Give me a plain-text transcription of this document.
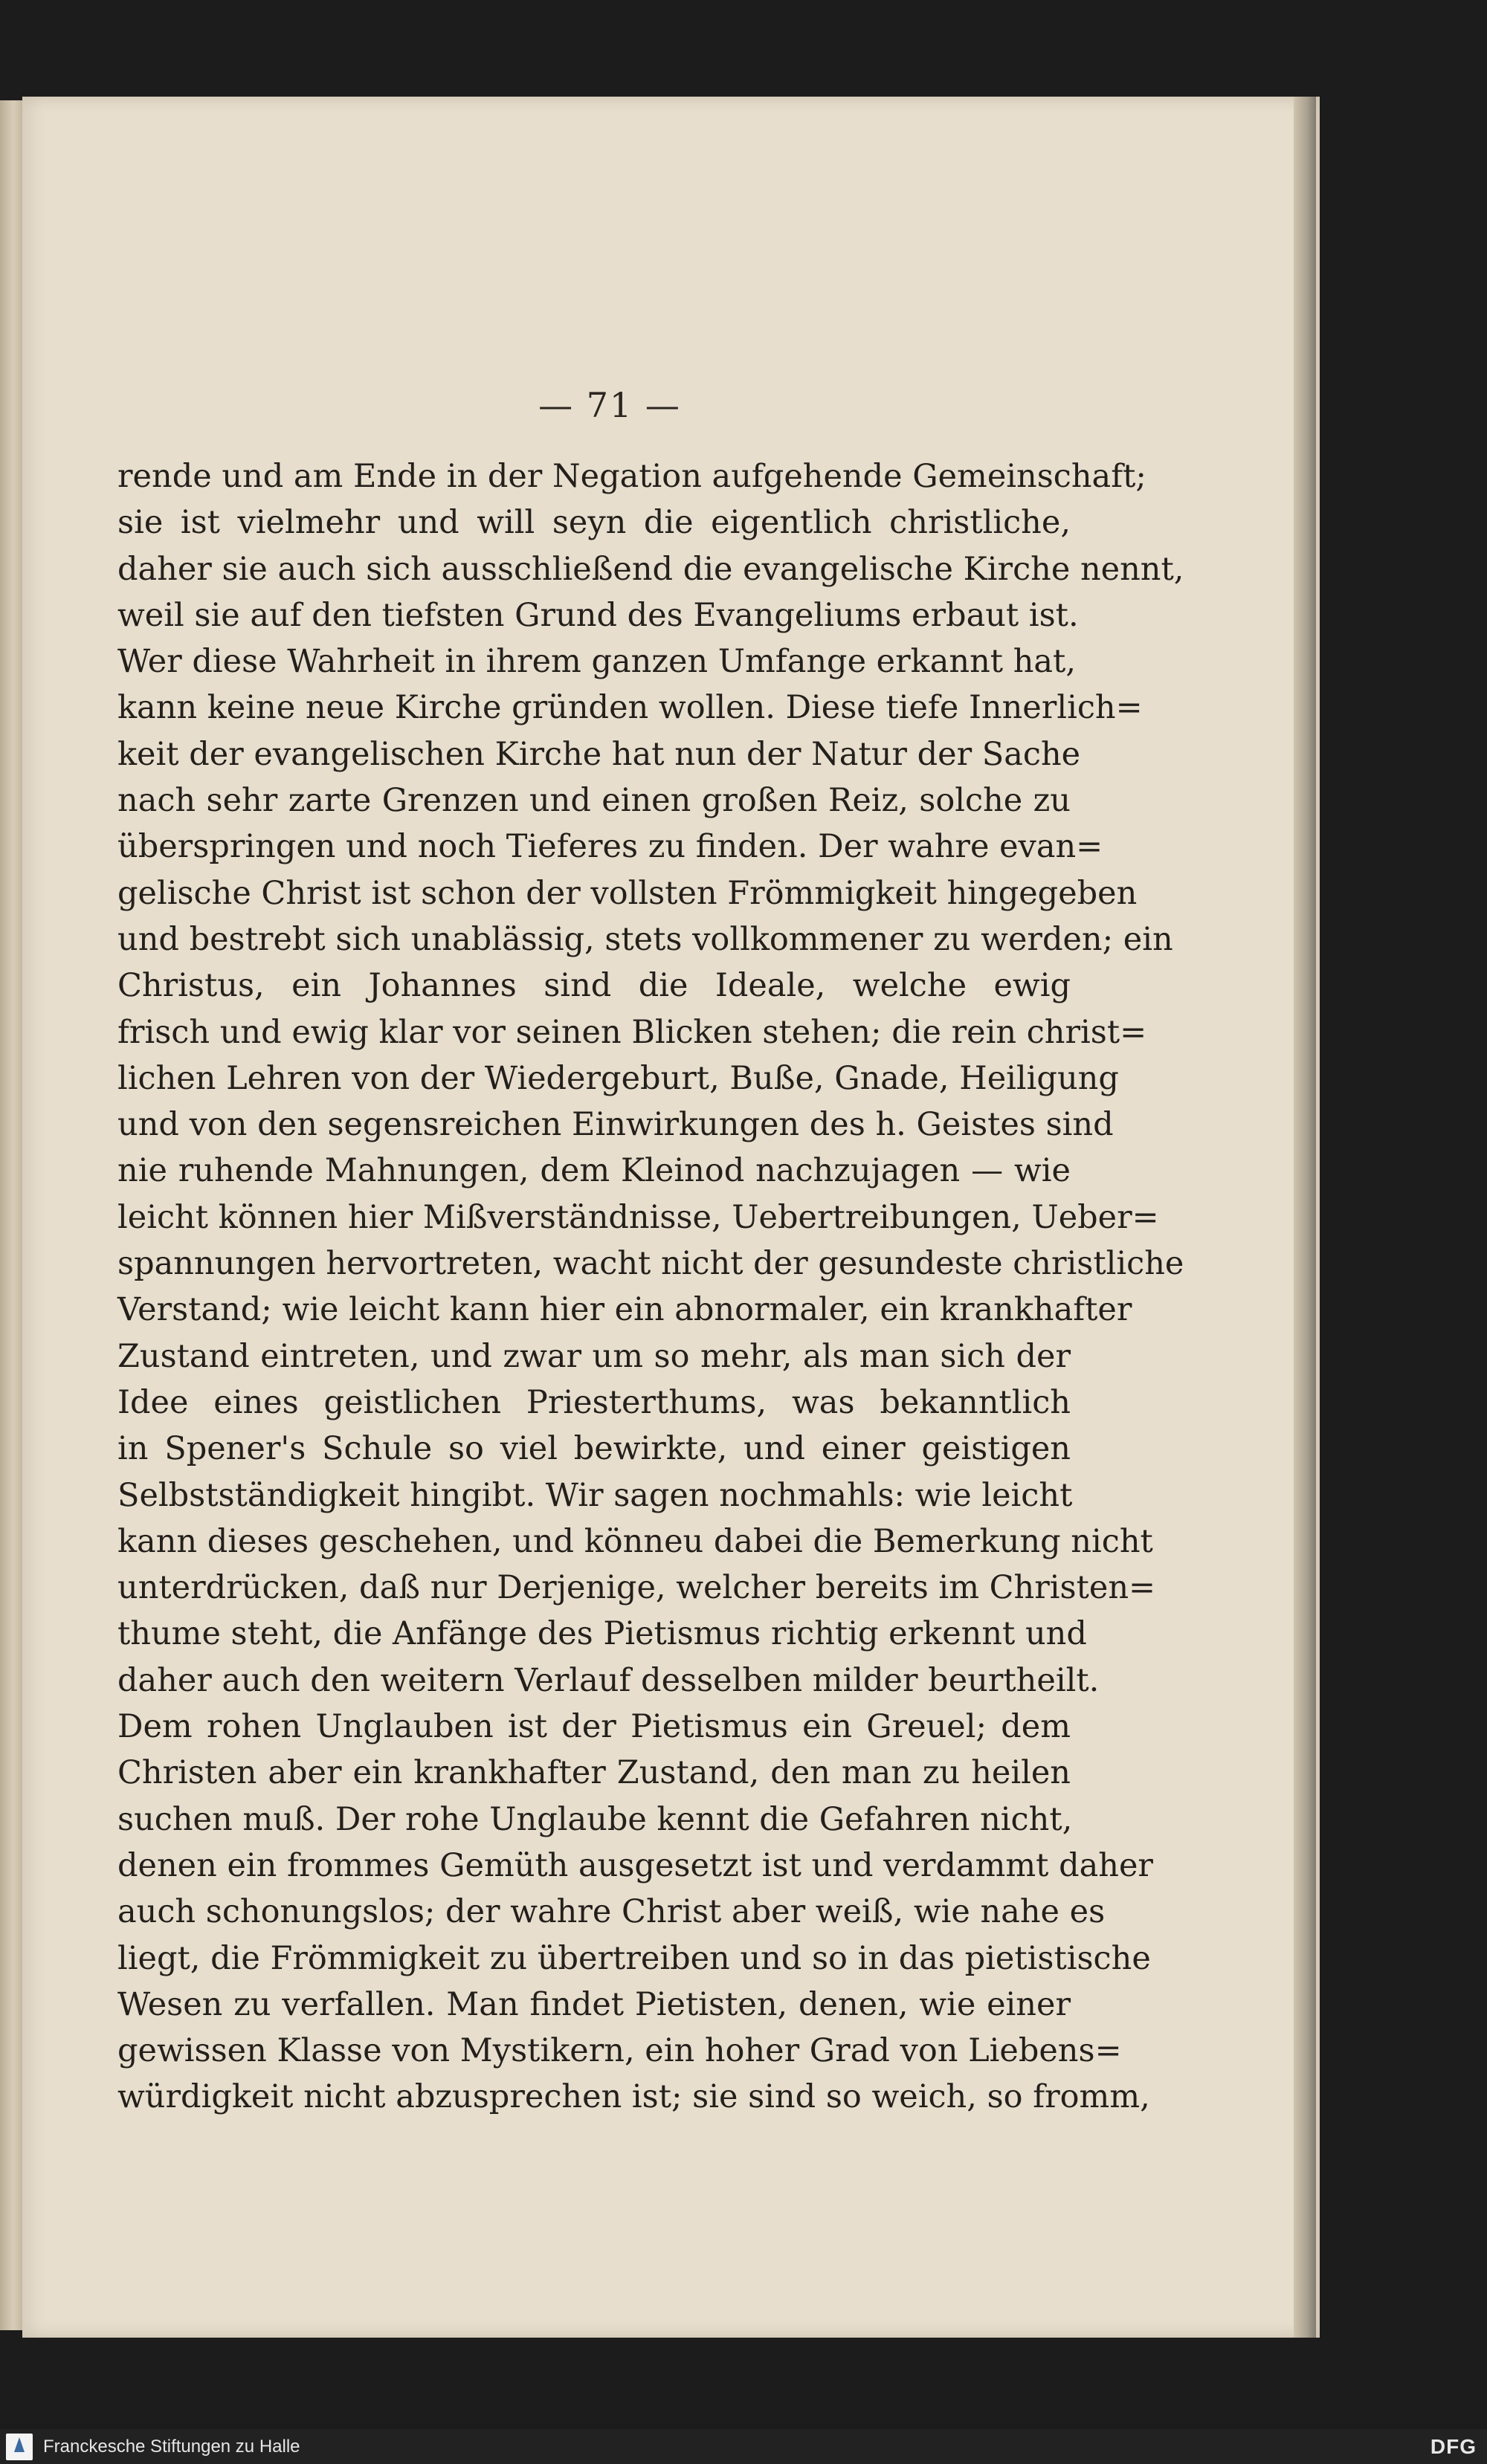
— 71 —
rende und am Ende in der Negation aufgehende Gemeinschaft;
sie ist vielmehr und will seyn die eigentlich christliche,
daher sie auch sich ausschließend die evangelische Kirche nennt,
weil sie auf den tiefsten Grund des Evangeliums erbaut ist.
Wer diese Wahrheit in ihrem ganzen Umfange erkannt hat,
kann keine neue Kirche gründen wollen. Diese tiefe Innerlich=
keit der evangelischen Kirche hat nun der Natur der Sache
nach sehr zarte Grenzen und einen großen Reiz, solche zu
überspringen und noch Tieferes zu finden. Der wahre evan=
gelische Christ ist schon der vollsten Frömmigkeit hingegeben
und bestrebt sich unablässig, stets vollkommener zu werden; ein
Christus, ein Johannes sind die Ideale, welche ewig
frisch und ewig klar vor seinen Blicken stehen; die rein christ=
lichen Lehren von der Wiedergeburt, Buße, Gnade, Heiligung
und von den segensreichen Einwirkungen des h. Geistes sind
nie ruhende Mahnungen, dem Kleinod nachzujagen — wie
leicht können hier Mißverständnisse, Uebertreibungen, Ueber=
spannungen hervortreten, wacht nicht der gesundeste christliche
Verstand; wie leicht kann hier ein abnormaler, ein krankhafter
Zustand eintreten, und zwar um so mehr, als man sich der
Idee eines geistlichen Priesterthums, was bekanntlich
in Spener's Schule so viel bewirkte, und einer geistigen
Selbstständigkeit hingibt. Wir sagen nochmahls: wie leicht
kann dieses geschehen, und könneu dabei die Bemerkung nicht
unterdrücken, daß nur Derjenige, welcher bereits im Christen=
thume steht, die Anfänge des Pietismus richtig erkennt und
daher auch den weitern Verlauf desselben milder beurtheilt.
Dem rohen Unglauben ist der Pietismus ein Greuel; dem
Christen aber ein krankhafter Zustand, den man zu heilen
suchen muß. Der rohe Unglaube kennt die Gefahren nicht,
denen ein frommes Gemüth ausgesetzt ist und verdammt daher
auch schonungslos; der wahre Christ aber weiß, wie nahe es
liegt, die Frömmigkeit zu übertreiben und so in das pietistische
Wesen zu verfallen. Man findet Pietisten, denen, wie einer
gewissen Klasse von Mystikern, ein hoher Grad von Liebens=
würdigkeit nicht abzusprechen ist; sie sind so weich, so fromm,
Franckesche Stiftungen zu Halle	DFG
